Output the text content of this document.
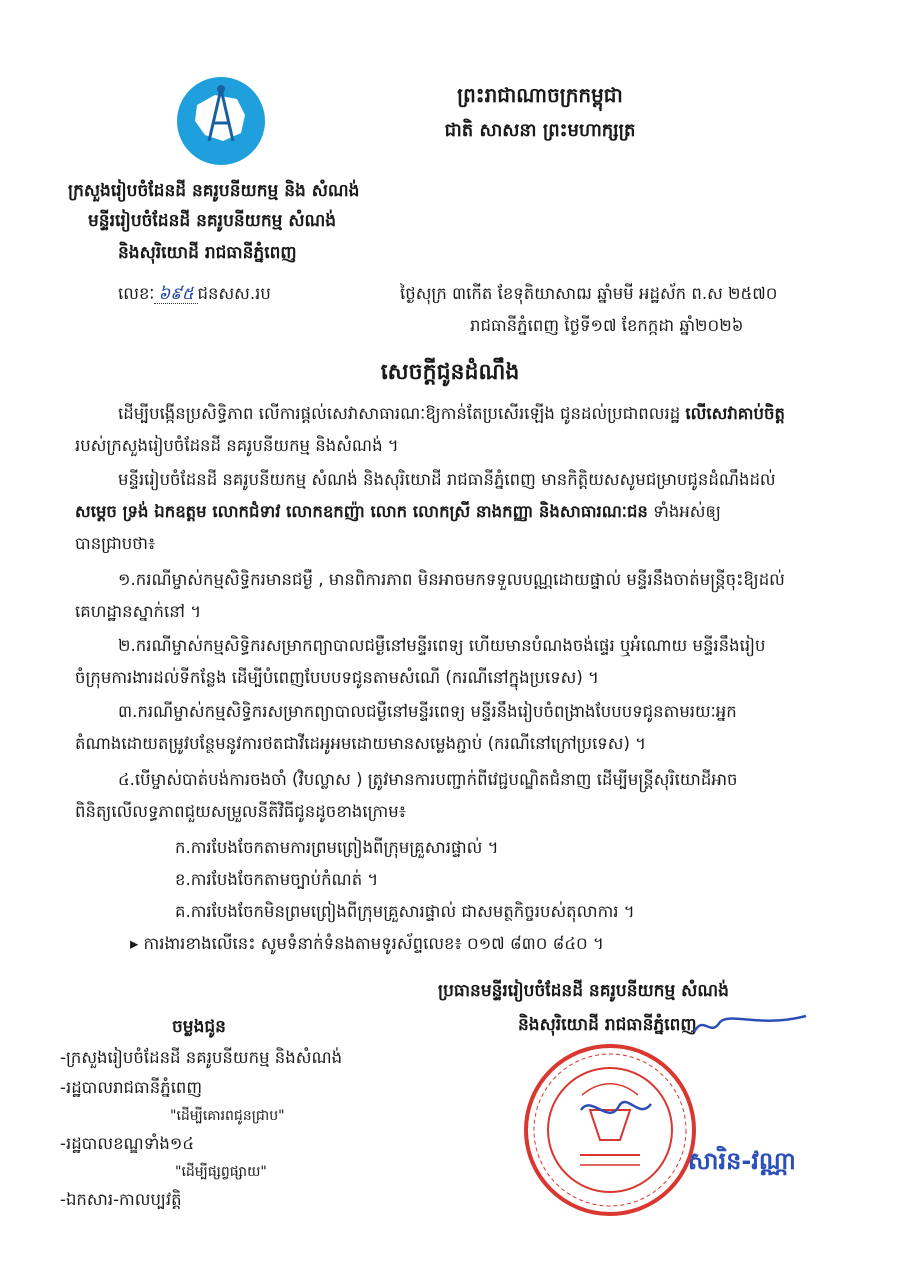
ព្រះរាជាណាចក្រកម្ពុជា
ជាតិ សាសនា ព្រះមហាក្សត្រ
ក្រសួងរៀបចំដែនដី នគរូបនីយកម្ម និង សំណង់
មន្ទីររៀបចំដែនដី នគរូបនីយកម្ម សំណង់
និងសុរិយោដី រាជធានីភ្នំពេញ
លេខៈ ៦៩៥ ជនសស.រប	ថ្ងៃសុក្រ ៣កើត ខែទុតិយាសាឍ ឆ្នាំមមី អដ្ឋស័ក ព.ស ២៥៧០
រាជធានីភ្នំពេញ ថ្ងៃទី១៧ ខែកក្កដា ឆ្នាំ២០២៦
សេចក្តីជូនដំណឹង
ដើម្បីបង្កើនប្រសិទ្ធិភាព លើការផ្តល់សេវាសាធារណៈឱ្យកាន់តែប្រសើរឡើង ជូនដល់ប្រជាពលរដ្ឋ លើសេវាគាប់ចិត្ត
របស់ក្រសួងរៀបចំដែនដី នគរូបនីយកម្ម និងសំណង់ ។
មន្ទីររៀបចំដែនដី នគរូបនីយកម្ម សំណង់ និងសុរិយោដី រាជធានីភ្នំពេញ មានកិត្តិយសសូមជម្រាបជូនដំណឹងដល់
សម្តេច ទ្រង់ ឯកឧត្តម លោកជំទាវ លោកឧកញ៉ា លោក លោកស្រី នាងកញ្ញា និងសាធារណៈជន ទាំងអស់ឲ្យ
បានជ្រាបថា៖
១.ករណីម្ចាស់កម្មសិទ្ធិករមានជម្ងឺ , មានពិការភាព មិនអាចមកទទួលបណ្ណដោយផ្ទាល់ មន្ទីរនឹងចាត់មន្ត្រីចុះឱ្យដល់
គេហដ្ឋានស្នាក់នៅ ។
២.ករណីម្ចាស់កម្មសិទ្ធិករសម្រាកព្យាបាលជម្ងឺនៅមន្ទីរពេទ្យ ហើយមានបំណងចង់ផ្ទេរ ឬអំណោយ មន្ទីរនឹងរៀប
ចំក្រុមការងារដល់ទីកន្លែង ដើម្បីបំពេញបែបបទជូនតាមសំណើ (ករណីនៅក្នុងប្រទេស) ។
៣.ករណីម្ចាស់កម្មសិទ្ធិករសម្រាកព្យាបាលជម្ងឺនៅមន្ទីរពេទ្យ មន្ទីរនឹងរៀបចំពង្រាងបែបបទជូនតាមរយៈអ្នក
តំណាងដោយតម្រូវបន្ថែមនូវការថតជាវីដេអូអមដោយមានសម្លេងភ្ជាប់ (ករណីនៅក្រៅប្រទេស) ។
៤.បើម្ចាស់បាត់បង់ការចងចាំ (វិបល្លាស ) ត្រូវមានការបញ្ជាក់ពីវេជ្ជបណ្ឌិតជំនាញ ដើម្បីមន្ត្រីសុរិយោដីអាច
ពិនិត្យលើលទ្ធភាពជួយសម្រួលនីតិវិធីជូនដូចខាងក្រោម៖
ក.ការបែងចែកតាមការព្រមព្រៀងពីក្រុមគ្រួសារផ្ទាល់ ។
ខ.ការបែងចែកតាមច្បាប់កំណត់ ។
គ.ការបែងចែកមិនព្រមព្រៀងពីក្រុមគ្រួសារផ្ទាល់ ជាសមត្ថកិច្ចរបស់តុលាការ ។
▸ ការងារខាងលើនេះ សូមទំនាក់ទំនងតាមទូរស័ព្ទលេខ៖ ០១៧ ៨៣០ ៨៤០ ។
ប្រធានមន្ទីររៀបចំដែនដី នគរូបនីយកម្ម សំណង់
និងសុរិយោដី រាជធានីភ្នំពេញ
សារិន-វណ្ណា
ចម្លងជូន
-ក្រសួងរៀបចំដែនដី នគរូបនីយកម្ម និងសំណង់
-រដ្ឋបាលរាជធានីភ្នំពេញ
"ដើម្បីគោរពជូនជ្រាប"
-រដ្ឋបាលខណ្ឌទាំង១៤
"ដើម្បីផ្សព្វផ្សាយ"
-ឯកសារ-កាលប្បវត្តិ
